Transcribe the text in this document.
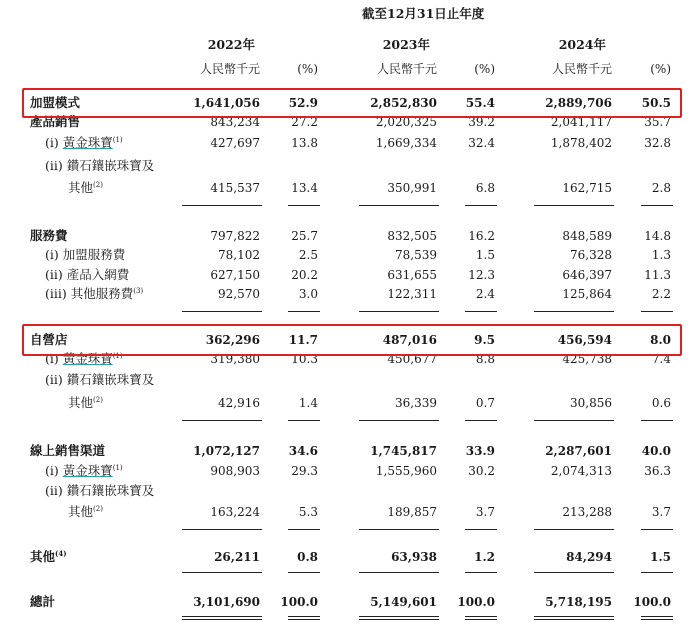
截至12月31日止年度
2022年	2023年	2024年
人民幣千元	(%)	人民幣千元	(%)	人民幣千元	(%)
加盟模式	1,641,056	52.9	2,852,830	55.4	2,889,706	50.5
產品銷售	843,234	27.2	2,020,325	39.2	2,041,117	35.7
(i) 黃金珠寶$^{(1)}$	427,697	13.8	1,669,334	32.4	1,878,402	32.8
(ii) 鑽石鑲嵌珠寶及
其他$^{(2)}$	415,537	13.4	350,991	6.8	162,715	2.8
服務費	797,822	25.7	832,505	16.2	848,589	14.8
(i) 加盟服務費	78,102	2.5	78,539	1.5	76,328	1.3
(ii) 產品入網費	627,150	20.2	631,655	12.3	646,397	11.3
(iii) 其他服務費$^{(3)}$	92,570	3.0	122,311	2.4	125,864	2.2
自營店	362,296	11.7	487,016	9.5	456,594	8.0
(i) 黃金珠寶$^{(1)}$	319,380	10.3	450,677	8.8	425,738	7.4
(ii) 鑽石鑲嵌珠寶及
其他$^{(2)}$	42,916	1.4	36,339	0.7	30,856	0.6
線上銷售渠道	1,072,127	34.6	1,745,817	33.9	2,287,601	40.0
(i) 黃金珠寶$^{(1)}$	908,903	29.3	1,555,960	30.2	2,074,313	36.3
(ii) 鑽石鑲嵌珠寶及
其他$^{(2)}$	163,224	5.3	189,857	3.7	213,288	3.7
其他$^{(4)}$	26,211	0.8	63,938	1.2	84,294	1.5
總計	3,101,690	100.0	5,149,601	100.0	5,718,195	100.0
